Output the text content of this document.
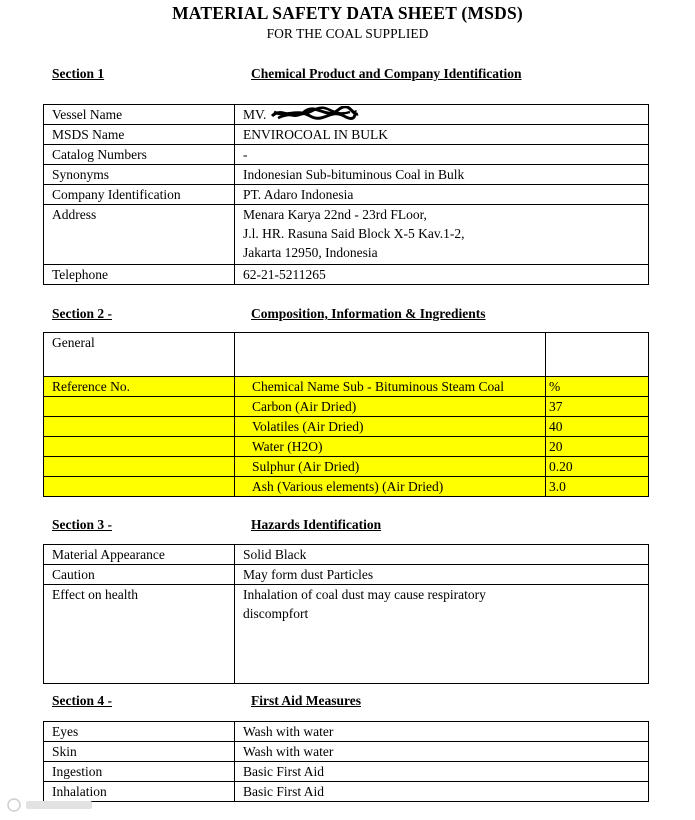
MATERIAL SAFETY DATA SHEET (MSDS)
FOR THE COAL SUPPLIED
Section 1	Chemical Product and Company Identification
Vessel Name	MV.
MSDS Name	ENVIROCOAL IN BULK
Catalog Numbers	-
Synonyms	Indonesian Sub-bituminous Coal in Bulk
Company Identification	PT. Adaro Indonesia
Address	Menara Karya 22nd - 23rd FLoor,
J.l. HR. Rasuna Said Block X-5 Kav.1-2,
Jakarta 12950, Indonesia

Telephone	62-21-5211265
Section 2 -	Composition, Information & Ingredients
General		
Reference No.	Chemical Name Sub - Bituminous Steam Coal	%
	Carbon (Air Dried)	37
	Volatiles (Air Dried)	40
	Water (H2O)	20
	Sulphur (Air Dried)	0.20
	Ash (Various elements) (Air Dried)	3.0
Section 3 -	Hazards Identification
Material Appearance	Solid Black
Caution	May form dust Particles
Effect on health	Inhalation of coal dust may cause respiratory
discompfort
Section 4 -	First Aid Measures
Eyes	Wash with water
Skin	Wash with water
Ingestion	Basic First Aid
Inhalation	Basic First Aid
